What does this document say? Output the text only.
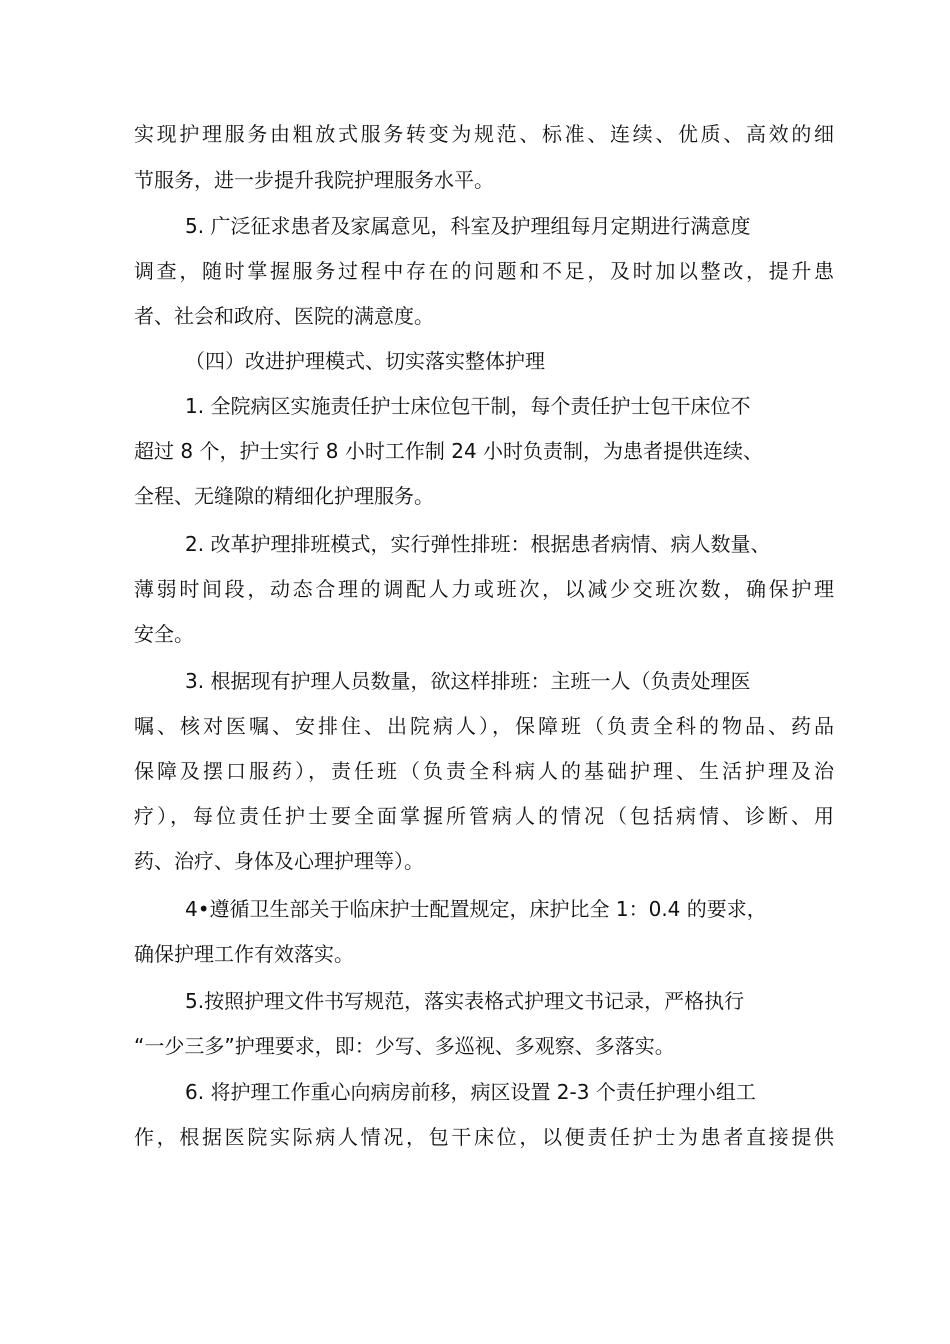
实现护理服务由粗放式服务转变为规范、标准、连续、优质、高效的细

节服务，进一步提升我院护理服务水平。

5. 广泛征求患者及家属意见，科室及护理组每月定期进行满意度

调查，随时掌握服务过程中存在的问题和不足，及时加以整改，提升患

者、社会和政府、医院的满意度。

（四）改进护理模式、切实落实整体护理

1. 全院病区实施责任护士床位包干制，每个责任护士包干床位不

超过 8 个，护士实行 8 小时工作制 24 小时负责制，为患者提供连续、

全程、无缝隙的精细化护理服务。

2. 改革护理排班模式，实行弹性排班：根据患者病情、病人数量、

薄弱时间段，动态合理的调配人力或班次，以减少交班次数，确保护理

安全。

3. 根据现有护理人员数量，欲这样排班：主班一人（负责处理医

嘱、核对医嘱、安排住、出院病人），保障班（负责全科的物品、药品

保障及摆口服药），责任班（负责全科病人的基础护理、生活护理及治

疗），每位责任护士要全面掌握所管病人的情况（包括病情、诊断、用

药、治疗、身体及心理护理等）。

4•遵循卫生部关于临床护士配置规定，床护比全 1：0.4 的要求，

确保护理工作有效落实。

5.按照护理文件书写规范，落实表格式护理文书记录，严格执行

“一少三多”护理要求，即：少写、多巡视、多观察、多落实。

6. 将护理工作重心向病房前移，病区设置 2-3 个责任护理小组工

作，根据医院实际病人情况，包干床位，以便责任护士为患者直接提供
